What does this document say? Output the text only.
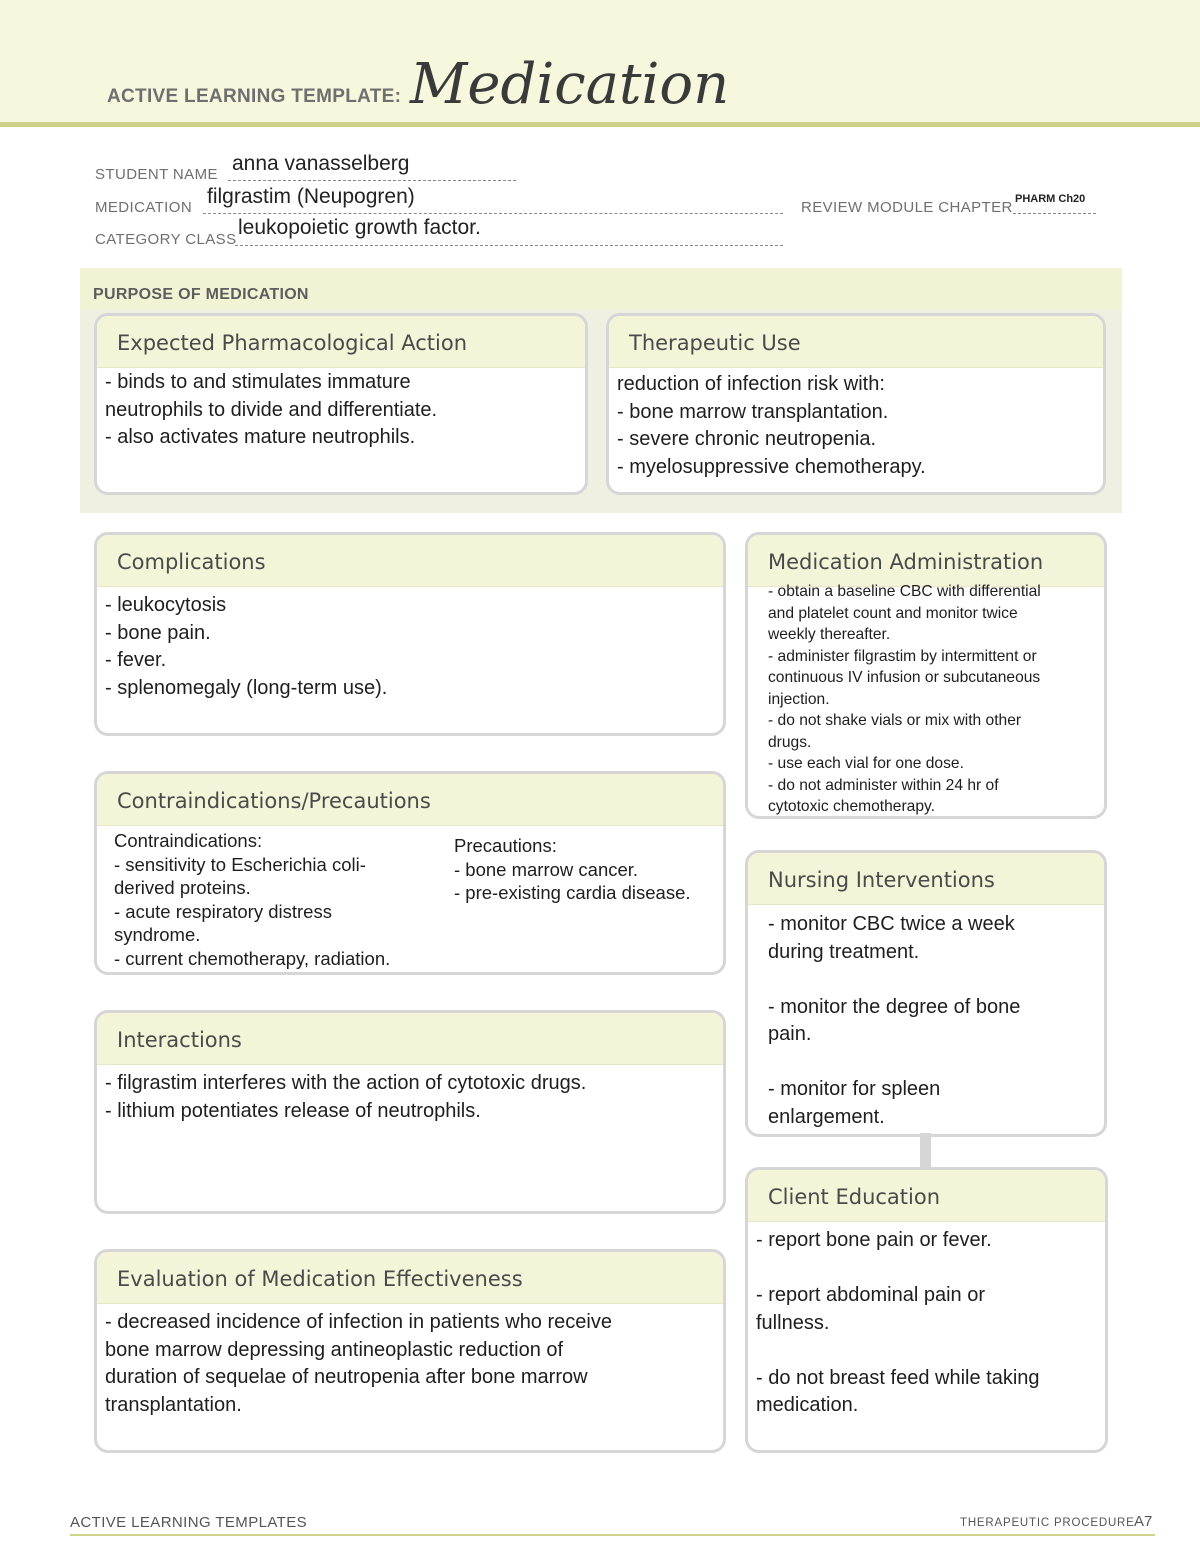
ACTIVE LEARNING TEMPLATE: Medication
STUDENT NAME anna vanasselberg
MEDICATION filgrastim (Neupogren)	REVIEW MODULE CHAPTER PHARM Ch20
CATEGORY CLASS
leukopoietic growth factor.
PURPOSE OF MEDICATION
Expected Pharmacological Action
- binds to and stimulates immature
neutrophils to divide and differentiate.
- also activates mature neutrophils.
Therapeutic Use
reduction of infection risk with:
- bone marrow transplantation.
- severe chronic neutropenia.
- myelosuppressive chemotherapy.
Complications
- leukocytosis
- bone pain.
- fever.
- splenomegaly (long-term use).
Contraindications/Precautions
Contraindications:
- sensitivity to Escherichia coli-
derived proteins.
- acute respiratory distress
syndrome.
- current chemotherapy, radiation.
Precautions:
- bone marrow cancer.
- pre-existing cardia disease.
Interactions
- filgrastim interferes with the action of cytotoxic drugs.
- lithium potentiates release of neutrophils.
Evaluation of Medication Effectiveness
- decreased incidence of infection in patients who receive
bone marrow depressing antineoplastic reduction of
duration of sequelae of neutropenia after bone marrow
transplantation.
Medication Administration
- obtain a baseline CBC with differential
and platelet count and monitor twice
weekly thereafter.
- administer filgrastim by intermittent or
continuous IV infusion or subcutaneous
injection.
- do not shake vials or mix with other
drugs.
- use each vial for one dose.
- do not administer within 24 hr of
cytotoxic chemotherapy.
Nursing Interventions
- monitor CBC twice a week
during treatment.

- monitor the degree of bone
pain.

- monitor for spleen
enlargement.
Client Education
- report bone pain or fever.

- report abdominal pain or
fullness.

- do not breast feed while taking
medication.
ACTIVE LEARNING TEMPLATES	THERAPEUTIC PROCEDURE A7
